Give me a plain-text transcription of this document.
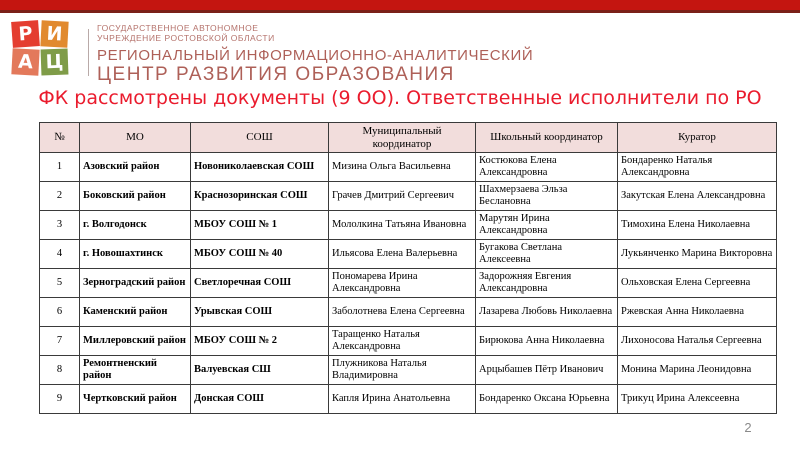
Р И
А Ц
ГОСУДАРСТВЕННОЕ АВТОНОМНОЕ
УЧРЕЖДЕНИЕ РОСТОВСКОЙ ОБЛАСТИ
РЕГИОНАЛЬНЫЙ ИНФОРМАЦИОННО-АНАЛИТИЧЕСКИЙ
ЦЕНТР РАЗВИТИЯ ОБРАЗОВАНИЯ
ФК рассмотрены документы (9 ОО). Ответственные исполнители по РО
№	МО	СОШ	Муниципальный координатор	Школьный координатор	Куратор
1	Азовский район	Новониколаевская СОШ	Мизина Ольга Васильевна	Костюкова Елена Александровна	Бондаренко Наталья Александровна
2	Боковский район	Краснозоринская СОШ	Грачев Дмитрий Сергеевич	Шахмерзаева Эльза Беслановна	Закутская Елена Александровна
3	г. Волгодонск	МБОУ СОШ № 1	Мололкина Татьяна Ивановна	Марутян Ирина Александровна	Тимохина Елена Николаевна
4	г. Новошахтинск	МБОУ СОШ № 40	Ильясова Елена Валерьевна	Бугакова Светлана Алексеевна	Лукьянченко Марина Викторовна
5	Зерноградский район	Светлоречная СОШ	Пономарева Ирина Александровна	Задорожняя Евгения Александровна	Ольховская Елена Сергеевна
6	Каменский район	Урывская СОШ	Заболотнева Елена Сергеевна	Лазарева Любовь Николаевна	Ржевская Анна Николаевна
7	Миллеровский район	МБОУ СОШ № 2	Таращенко Наталья Александровна	Бирюкова Анна Николаевна	Лихоносова Наталья Сергеевна
8	Ремонтненский район	Валуевская СШ	Плужникова Наталья Владимировна	Арцыбашев Пётр Иванович	Монина Марина Леонидовна
9	Чертковский район	Донская СОШ	Капля Ирина Анатольевна	Бондаренко Оксана Юрьевна	Трикуц Ирина Алексеевна
2
